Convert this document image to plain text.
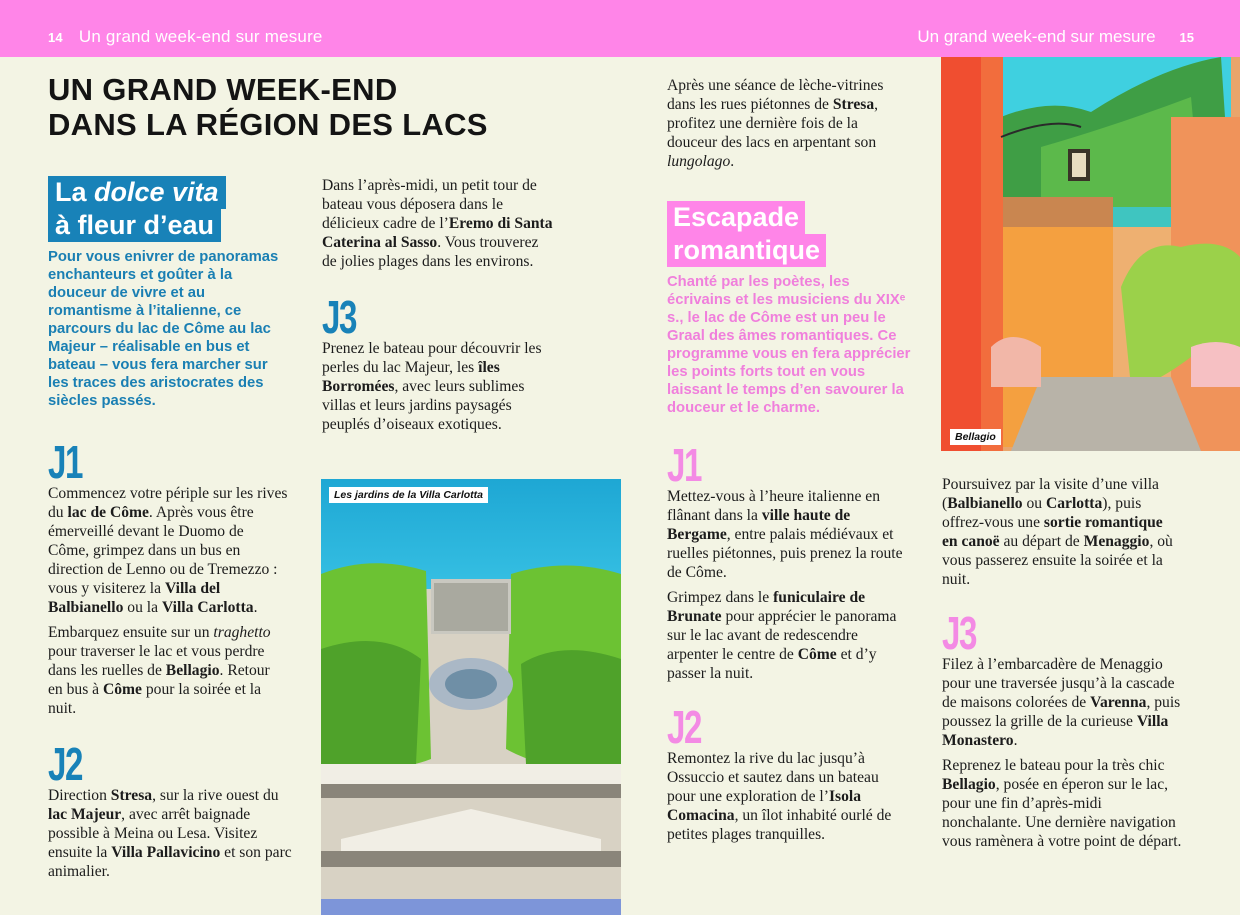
14 Un grand week-end sur mesure	Un grand week-end sur mesure 15
UN GRAND WEEK-END
DANS LA RÉGION DES LACS
La dolce vita
à fleur d’eau
Pour vous enivrer de panoramas enchanteurs et goûter à la douceur de vivre et au romantisme à l’italienne, ce parcours du lac de Côme au lac Majeur – réalisable en bus et bateau – vous fera marcher sur les traces des aristocrates des siècles passés.
J1

Commencez votre périple sur les rives du lac de Côme. Après vous être émerveillé devant le Duomo de Côme, grimpez dans un bus en direction de Lenno ou de Tremezzo : vous y visiterez la Villa del Balbianello ou la Villa Carlotta.

Embarquez ensuite sur un traghetto pour traverser le lac et vous perdre dans les ruelles de Bellagio. Retour en bus à Côme pour la soirée et la nuit.

J2

Direction Stresa, sur la rive ouest du lac Majeur, avec arrêt baignade possible à Meina ou Lesa. Visitez ensuite la Villa Pallavicino et son parc animalier.

Dans l’après-midi, un petit tour de bateau vous déposera dans le délicieux cadre de l’Eremo di Santa Caterina al Sasso. Vous trouverez de jolies plages dans les environs.

J3

Prenez le bateau pour découvrir les perles du lac Majeur, les îles Borromées, avec leurs sublimes villas et leurs jardins paysagés peuplés d’oiseaux exotiques.

Les jardins de la Villa Carlotta

Après une séance de lèche-vitrines dans les rues piétonnes de Stresa, profitez une dernière fois de la douceur des lacs en arpentant son lungolago.

Escapade
romantique
Chanté par les poètes, les écrivains et les musiciens du XIXᵉ s., le lac de Côme est un peu le Graal des âmes romantiques. Ce programme vous en fera apprécier les points forts tout en vous laissant le temps d’en savourer la douceur et le charme.
J1

Mettez-vous à l’heure italienne en flânant dans la ville haute de Bergame, entre palais médiévaux et ruelles piétonnes, puis prenez la route de Côme.

Grimpez dans le funiculaire de Brunate pour apprécier le panorama sur le lac avant de redescendre arpenter le centre de Côme et d’y passer la nuit.

J2

Remontez la rive du lac jusqu’à Ossuccio et sautez dans un bateau pour une exploration de l’Isola Comacina, un îlot inhabité ourlé de petites plages tranquilles.

Bellagio

Poursuivez par la visite d’une villa (Balbianello ou Carlotta), puis offrez-vous une sortie romantique en canoë au départ de Menaggio, où vous passerez ensuite la soirée et la nuit.

J3

Filez à l’embarcadère de Menaggio pour une traversée jusqu’à la cascade de maisons colorées de Varenna, puis poussez la grille de la curieuse Villa Monastero.

Reprenez le bateau pour la très chic Bellagio, posée en éperon sur le lac, pour une fin d’après-midi nonchalante. Une dernière navigation vous ramènera à votre point de départ.
